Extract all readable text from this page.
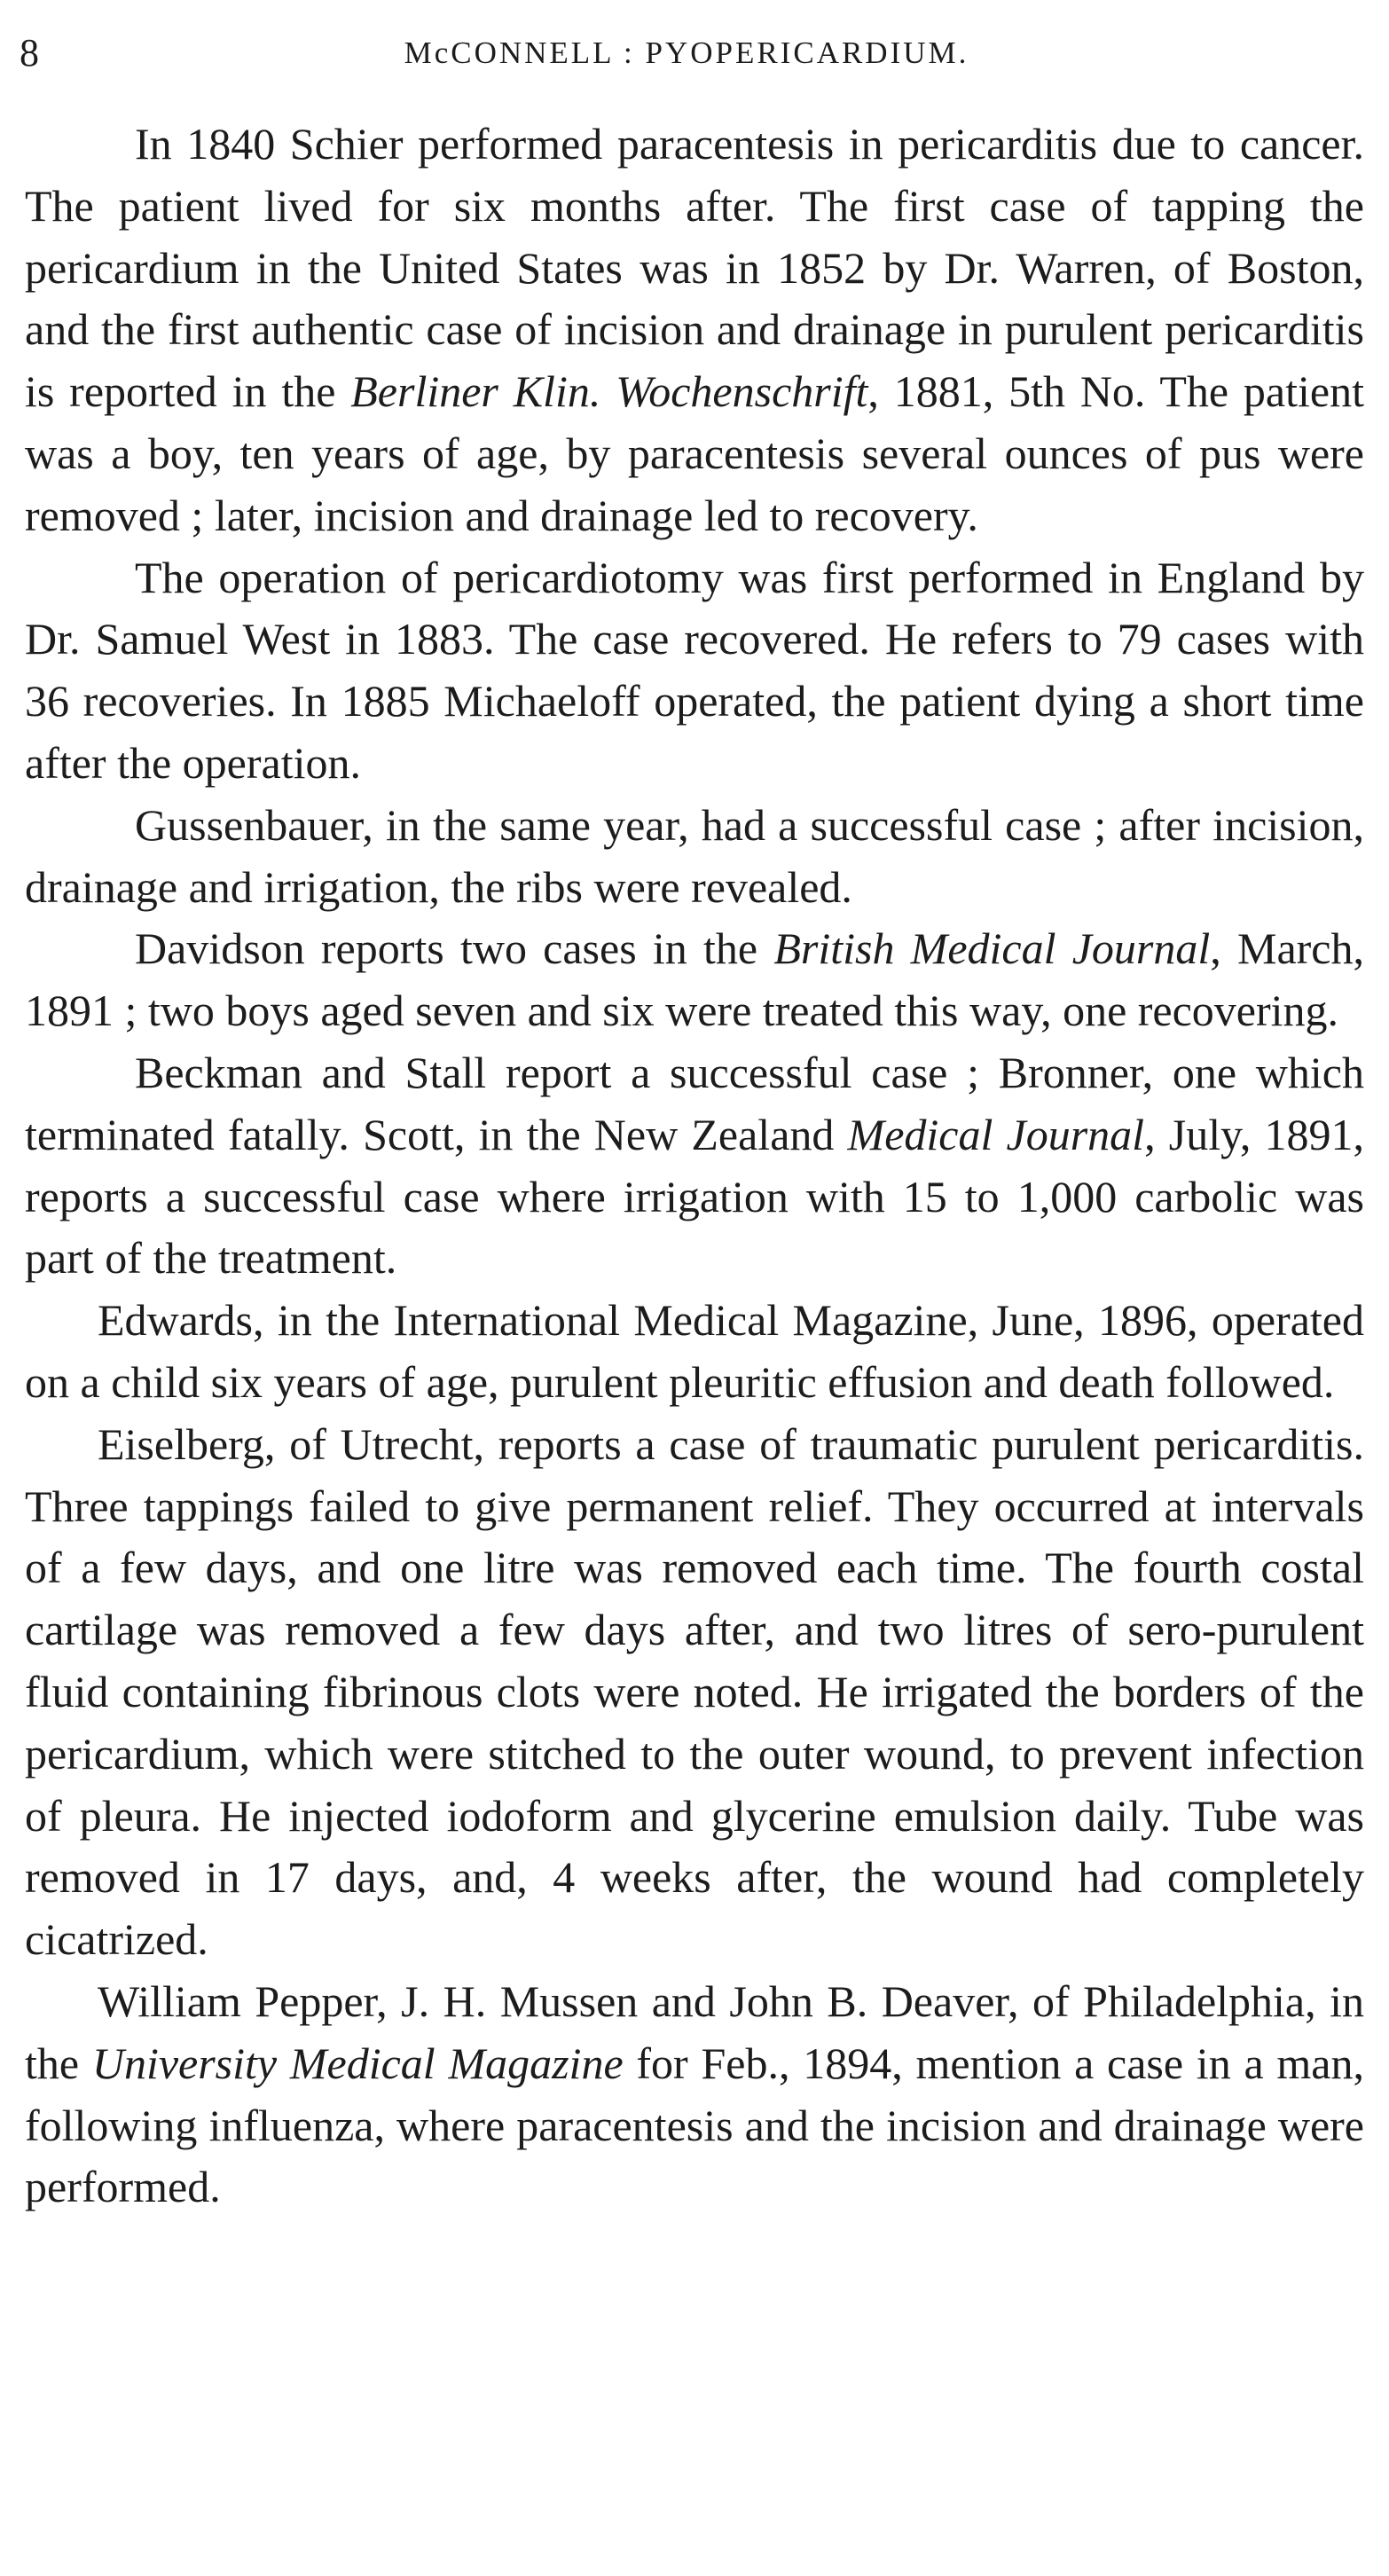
8	McCONNELL : PYOPERICARDIUM.

In 1840 Schier performed paracentesis in pericarditis due to cancer. The patient lived for six months after. The first case of tapping the pericardium in the United States was in 1852 by Dr. Warren, of Boston, and the first authentic case of incision and drainage in purulent pericarditis is reported in the Berliner Klin. Wochenschrift, 1881, 5th No. The patient was a boy, ten years of age, by paracentesis several ounces of pus were removed ; later, incision and drainage led to recovery.

The operation of pericardiotomy was first performed in England by Dr. Samuel West in 1883. The case recovered. He refers to 79 cases with 36 recoveries. In 1885 Michaeloff operated, the patient dying a short time after the operation.

Gussenbauer, in the same year, had a successful case ; after incision, drainage and irrigation, the ribs were revealed.

Davidson reports two cases in the British Medical Journal, March, 1891 ; two boys aged seven and six were treated this way, one recovering.

Beckman and Stall report a successful case ; Bronner, one which terminated fatally. Scott, in the New Zealand Medical Journal, July, 1891, reports a successful case where irrigation with 15 to 1,000 carbolic was part of the treatment.

Edwards, in the International Medical Magazine, June, 1896, operated on a child six years of age, purulent pleuritic effusion and death followed.

Eiselberg, of Utrecht, reports a case of traumatic purulent pericarditis. Three tappings failed to give permanent relief. They occurred at intervals of a few days, and one litre was removed each time. The fourth costal cartilage was removed a few days after, and two litres of sero-purulent fluid containing fibrinous clots were noted. He irrigated the borders of the pericardium, which were stitched to the outer wound, to prevent infection of pleura. He injected iodoform and glycerine emulsion daily. Tube was removed in 17 days, and, 4 weeks after, the wound had completely cicatrized.

William Pepper, J. H. Mussen and John B. Deaver, of Philadelphia, in the University Medical Magazine for Feb., 1894, mention a case in a man, following influenza, where paracentesis and the incision and drainage were performed.
